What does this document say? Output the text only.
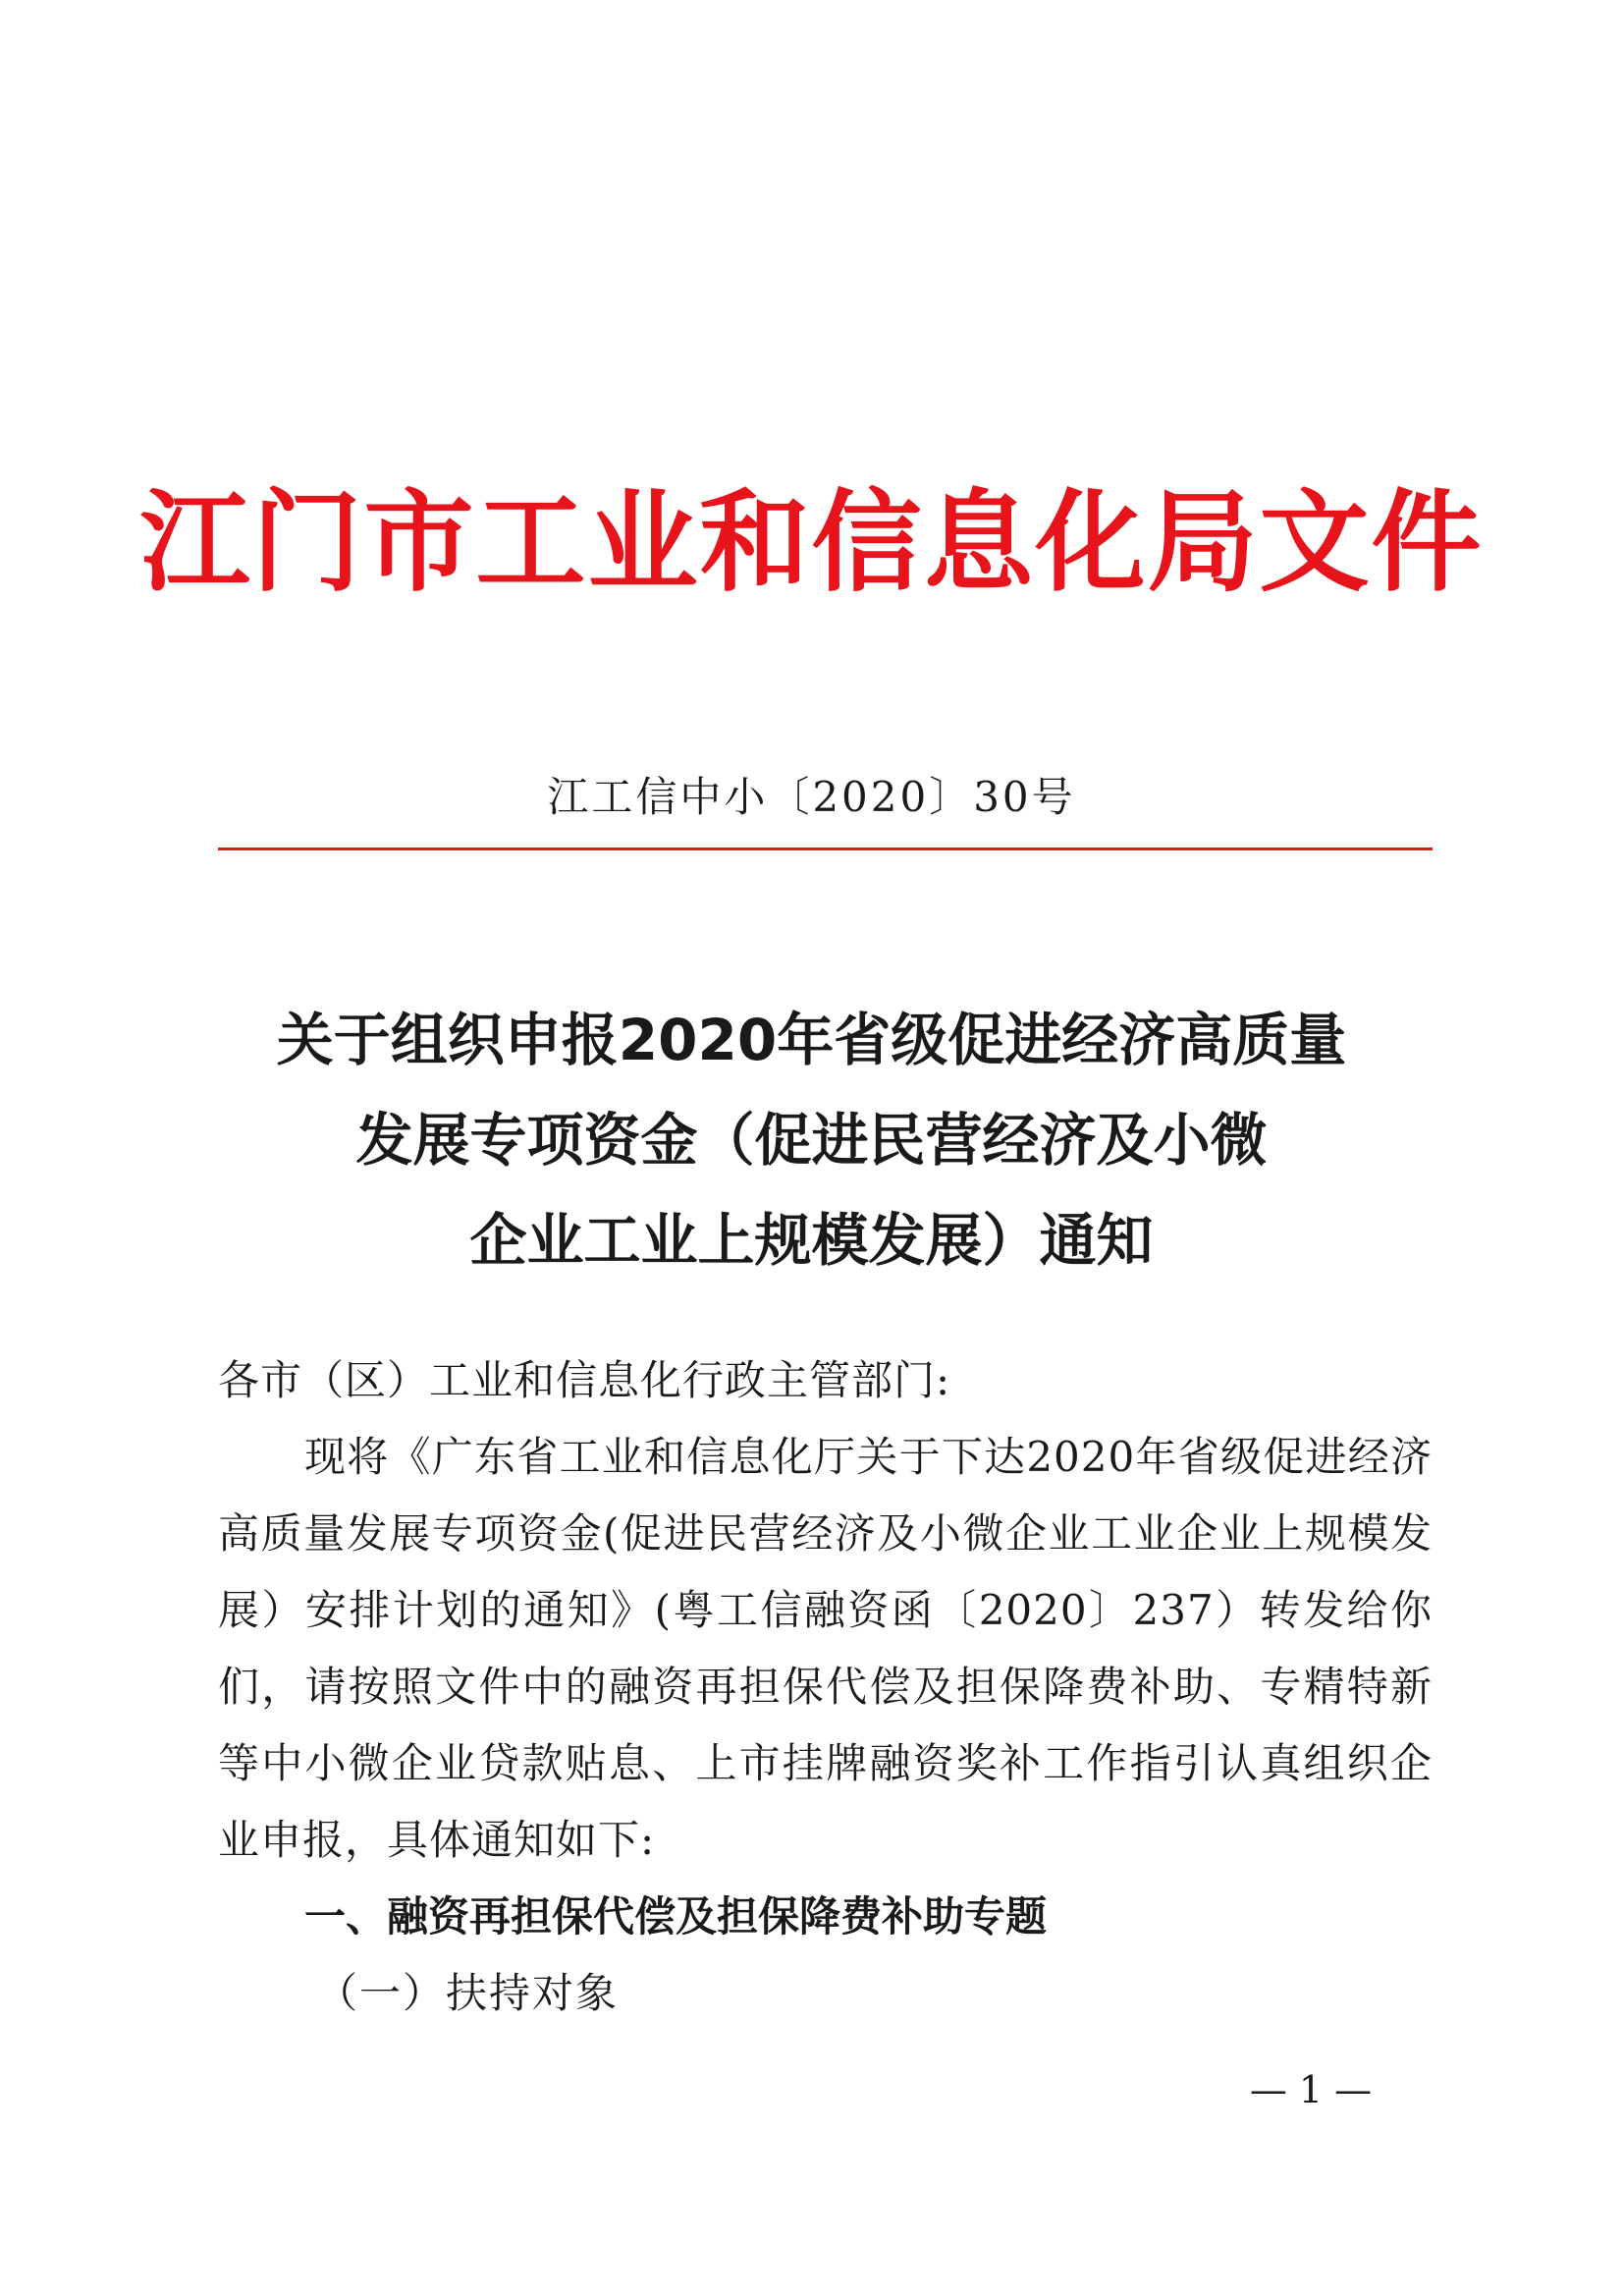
江门市工业和信息化局文件
江工信中小〔2020〕30号
关于组织申报2020年省级促进经济高质量
发展专项资金（促进民营经济及小微
企业工业上规模发展）通知
各市（区）工业和信息化行政主管部门:
现将《广东省工业和信息化厅关于下达2020年省级促进经济高质量发展专项资金(促进民营经济及小微企业工业企业上规模发展）安排计划的通知》(粤工信融资函〔2020〕237）转发给你们，请按照文件中的融资再担保代偿及担保降费补助、专精特新等中小微企业贷款贴息、上市挂牌融资奖补工作指引认真组织企业申报，具体通知如下:
一、融资再担保代偿及担保降费补助专题
（一）扶持对象
— 1 —
